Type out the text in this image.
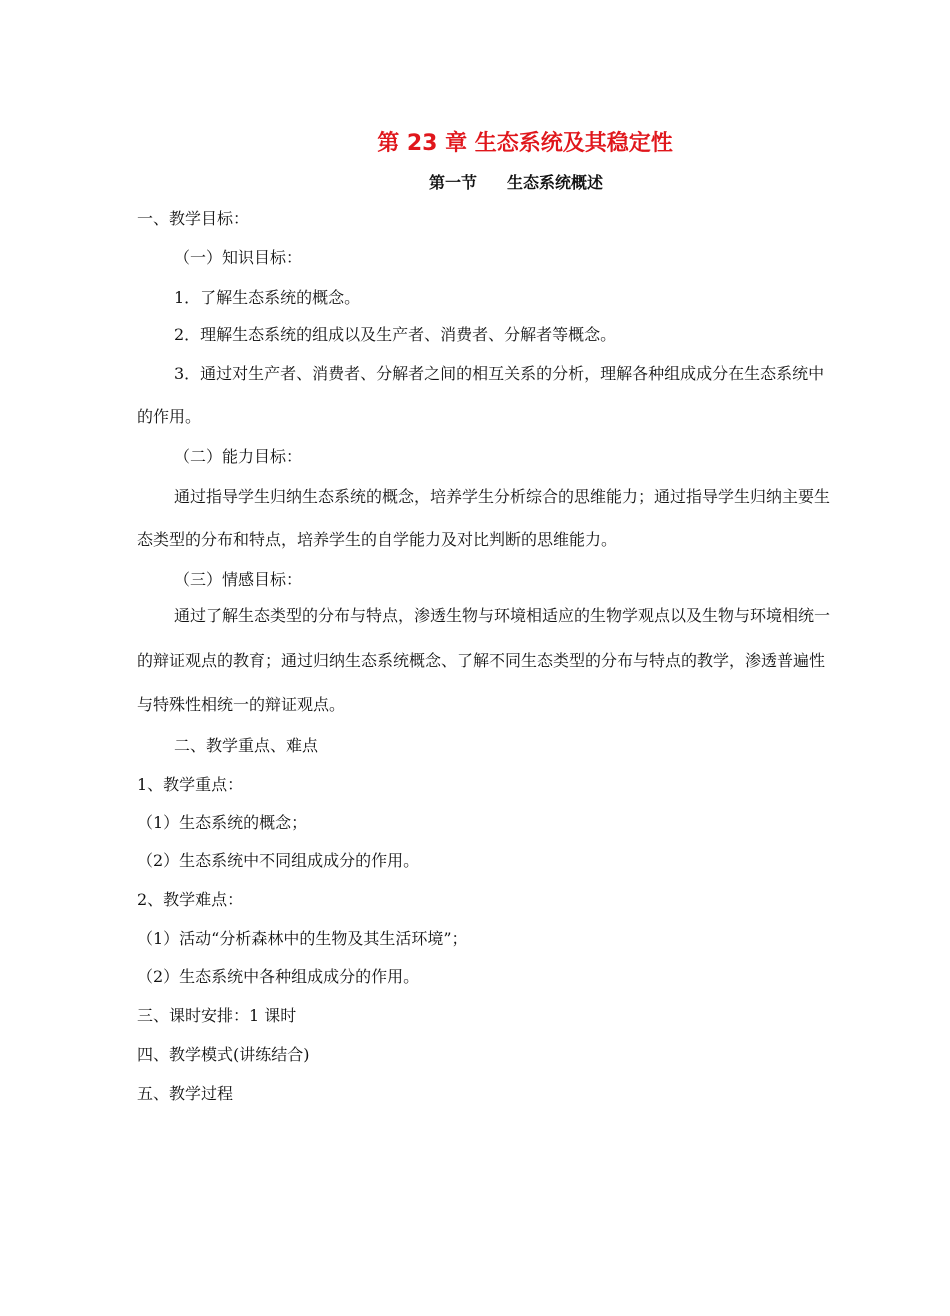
第 23 章 生态系统及其稳定性
第一节 生态系统概述
一、教学目标：
（一）知识目标：
1．了解生态系统的概念。
2．理解生态系统的组成以及生产者、消费者、分解者等概念。
3．通过对生产者、消费者、分解者之间的相互关系的分析，理解各种组成成分在生态系统中
的作用。
（二）能力目标：
通过指导学生归纳生态系统的概念，培养学生分析综合的思维能力；通过指导学生归纳主要生
态类型的分布和特点，培养学生的自学能力及对比判断的思维能力。
（三）情感目标：
通过了解生态类型的分布与特点，渗透生物与环境相适应的生物学观点以及生物与环境相统一
的辩证观点的教育；通过归纳生态系统概念、了解不同生态类型的分布与特点的教学，渗透普遍性
与特殊性相统一的辩证观点。
二、教学重点、难点
1、教学重点：
（1）生态系统的概念；
（2）生态系统中不同组成成分的作用。
2、教学难点：
（1）活动“分析森林中的生物及其生活环境”；
（2）生态系统中各种组成成分的作用。
三、课时安排：1 课时
四、教学模式(讲练结合)
五、教学过程
